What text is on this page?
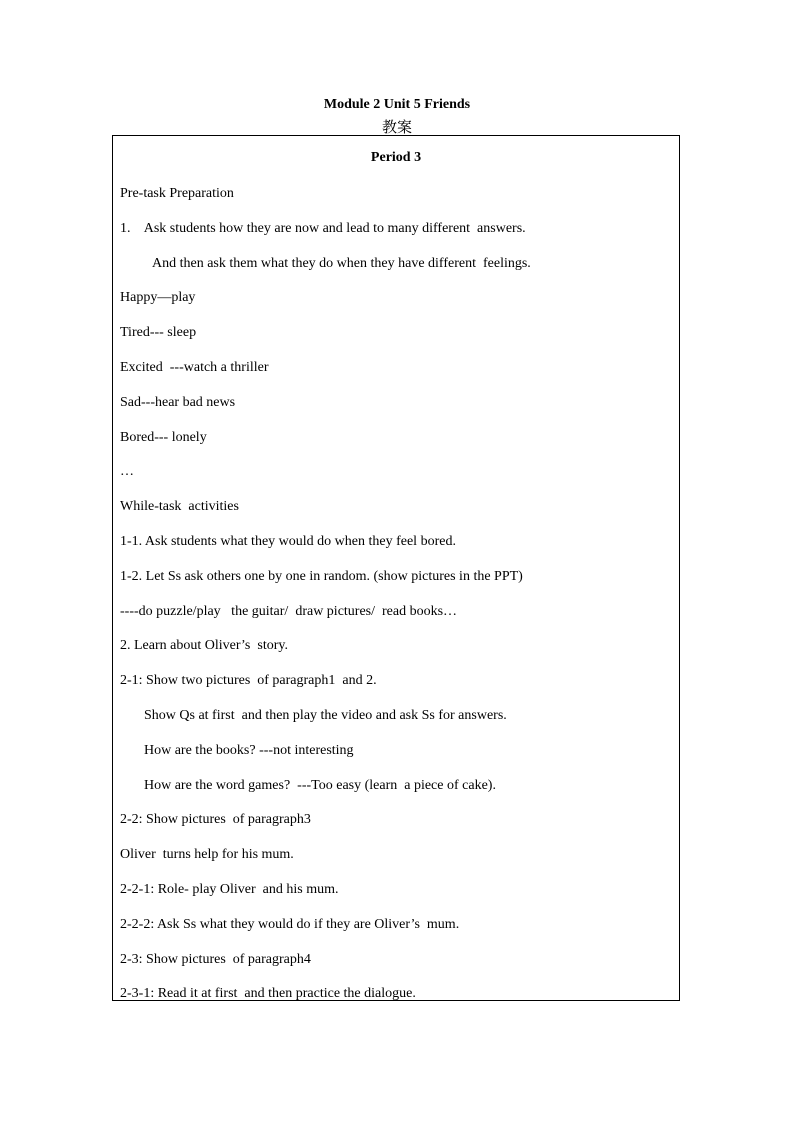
Module 2 Unit 5 Friends
教案
Period 3
Pre-task Preparation
1.    Ask students how they are now and lead to many different  answers.
And then ask them what they do when they have different  feelings.
Happy—play
Tired--- sleep
Excited  ---watch a thriller
Sad---hear bad news
Bored--- lonely
…
While-task  activities
1-1. Ask students what they would do when they feel bored.
1-2. Let Ss ask others one by one in random. (show pictures in the PPT)
----do puzzle/play   the guitar/  draw pictures/  read books…
2. Learn about Oliver’s  story.
2-1: Show two pictures  of paragraph1  and 2.
Show Qs at first  and then play the video and ask Ss for answers.
How are the books? ---not interesting
How are the word games?  ---Too easy (learn  a piece of cake).
2-2: Show pictures  of paragraph3
Oliver  turns help for his mum.
2-2-1: Role- play Oliver  and his mum.
2-2-2: Ask Ss what they would do if they are Oliver’s  mum.
2-3: Show pictures  of paragraph4
2-3-1: Read it at first  and then practice the dialogue.
